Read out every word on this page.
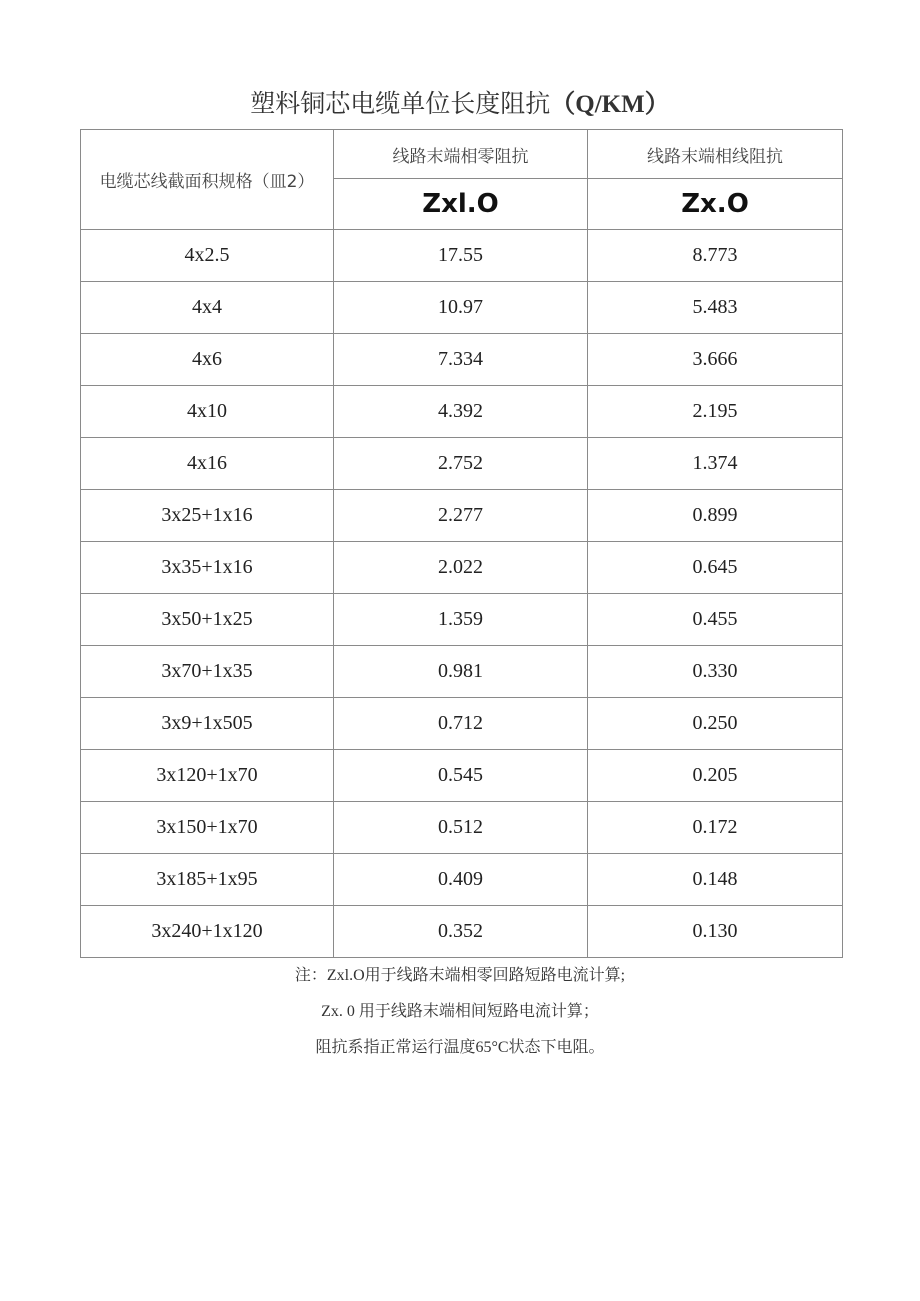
塑料铜芯电缆单位长度阻抗（Q/KM）
电缆芯线截面积规格（皿2）	线路末端相零阻抗	线路末端相线阻抗
	Zxl.O	Zx.O
4x2.5	17.55	8.773
4x4	10.97	5.483
4x6	7.334	3.666
4x10	4.392	2.195
4x16	2.752	1.374
3x25+1x16	2.277	0.899
3x35+1x16	2.022	0.645
3x50+1x25	1.359	0.455
3x70+1x35	0.981	0.330
3x9+1x505	0.712	0.250
3x120+1x70	0.545	0.205
3x150+1x70	0.512	0.172
3x185+1x95	0.409	0.148
3x240+1x120	0.352	0.130
注：Zxl.O用于线路末端相零回路短路电流计算;
Zx. 0 用于线路末端相间短路电流计算；
阻抗系指正常运行温度65°C状态下电阻。
